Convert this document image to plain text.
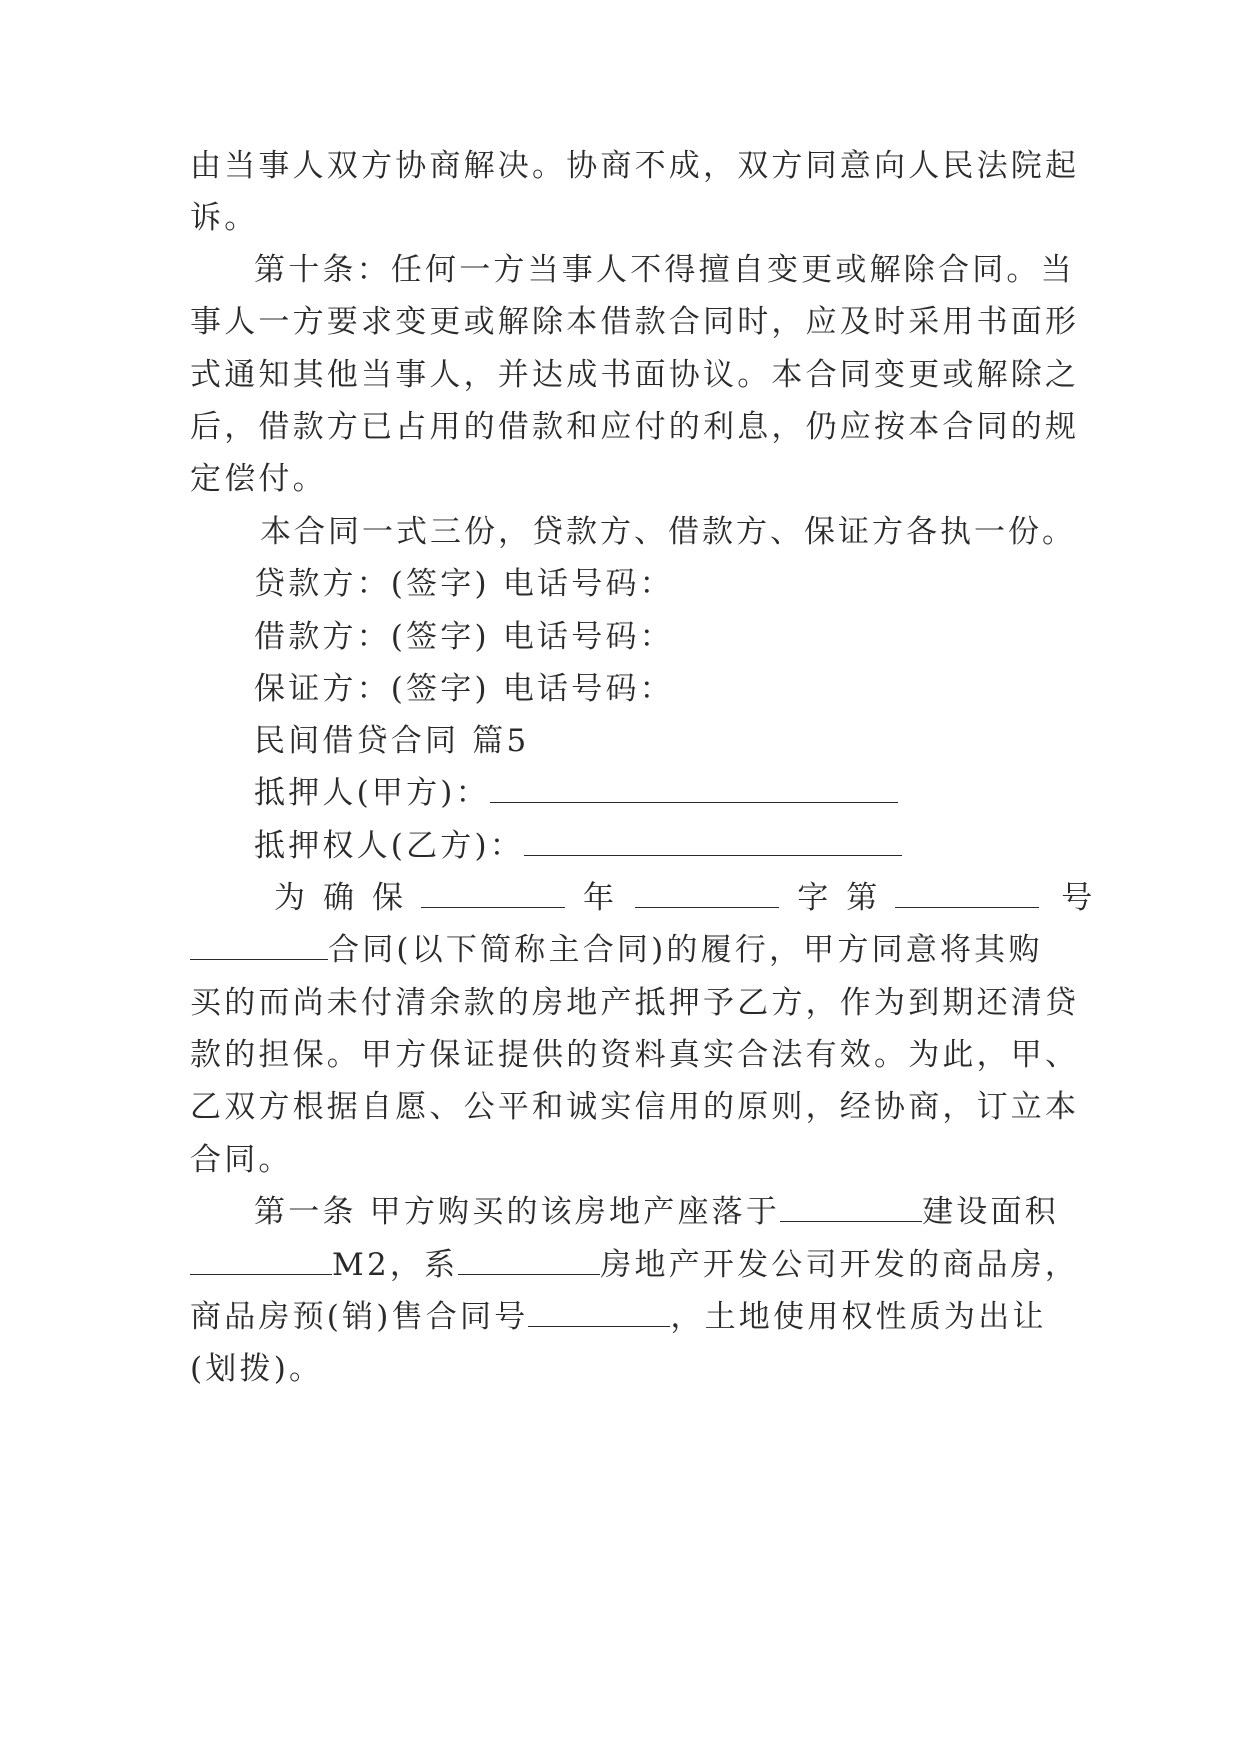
由当事人双方协商解决。协商不成，双方同意向人民法院起
诉。
第十条：任何一方当事人不得擅自变更或解除合同。当
事人一方要求变更或解除本借款合同时，应及时采用书面形
式通知其他当事人，并达成书面协议。本合同变更或解除之
后，借款方已占用的借款和应付的利息，仍应按本合同的规
定偿付。
本合同一式三份，贷款方、借款方、保证方各执一份。
贷款方：(签字) 电话号码：
借款方：(签字) 电话号码：
保证方：(签字) 电话号码：
民间借贷合同 篇5
抵押人(甲方)：
抵押权人(乙方)：
为确保	年	字第	号
合同(以下简称主合同)的履行，甲方同意将其购
买的而尚未付清余款的房地产抵押予乙方，作为到期还清贷
款的担保。甲方保证提供的资料真实合法有效。为此，甲、
乙双方根据自愿、公平和诚实信用的原则，经协商，订立本
合同。
第一条 甲方购买的该房地产座落于	建设面积
M2，系	房地产开发公司开发的商品房，
商品房预(销)售合同号	，土地使用权性质为出让
(划拨)。
